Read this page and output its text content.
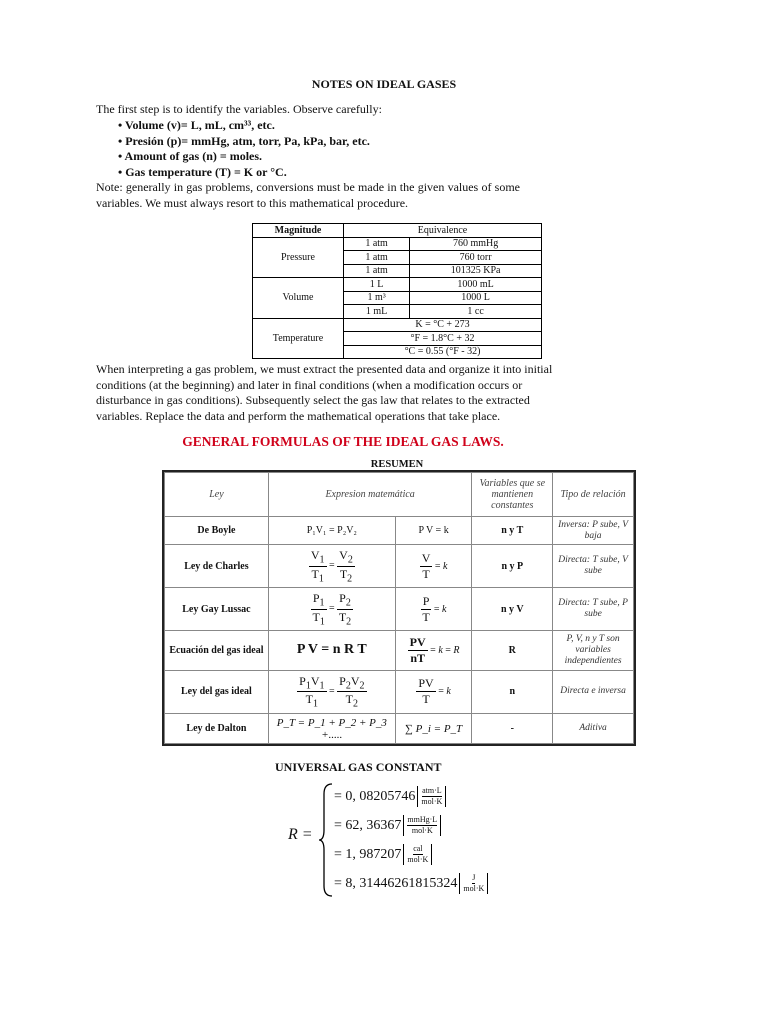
NOTES ON IDEAL GASES
The first step is to identify the variables. Observe carefully:
• Volume (v)= L, mL, cm³³, etc.
• Presión (p)= mmHg, atm, torr, Pa, kPa, bar, etc.
• Amount of gas (n) = moles.
• Gas temperature (T) = K or °C.
Note: generally in gas problems, conversions must be made in the given values of some variables. We must always resort to this mathematical procedure.
Magnitude	Equivalence	
Pressure	1 atm	760 mmHg
	1 atm	760 torr
	1 atm	101325 KPa
Volume	1 L	1000 mL
	1 m³	1000 L
	1 mL	1 cc
Temperature	K = °C + 273	
	°F = 1.8°C + 32	
	°C = 0.55 (°F - 32)	
When interpreting a gas problem, we must extract the presented data and organize it into initial conditions (at the beginning) and later in final conditions (when a modification occurs or disturbance in gas conditions). Subsequently select the gas law that relates to the extracted variables. Replace the data and perform the mathematical operations that take place.
GENERAL FORMULAS OF THE IDEAL GAS LAWS.
RESUMEN
Ley	Expresion matemática		Variables que se mantienen constantes	Tipo de relación
De Boyle	P₁V₁ = P₂V₂	P V = k	n y T	Inversa: P sube, V baja
Ley de Charles	$\frac{V_1}{T_1} = \frac{V_2}{T_2}$	$\frac{V}{T} = k$	n y P	Directa: T sube, V sube
Ley Gay Lussac	$\frac{P_1}{T_1} = \frac{P_2}{T_2}$	$\frac{P}{T} = k$	n y V	Directa: T sube, P sube
Ecuación del gas ideal	P V = n R T	$\frac{PV}{nT} = k = R$	R	P, V, n y T son variables independientes
Ley del gas ideal	$\frac{P_1V_1}{T_1} = \frac{P_2V_2}{T_2}$	$\frac{PV}{T} = k$	n	Directa e inversa
Ley de Dalton	P_T = P_1 + P_2 + P_3 +.....	∑ P_i = P_T	-	Aditiva
UNIVERSAL GAS CONSTANT
R =
= 0, 08205746 atm·L
mol·K
= 62, 36367 mmHg·L
mol·K
= 1, 987207 cal
mol·K
= 8, 31446261815324 J
mol·K
